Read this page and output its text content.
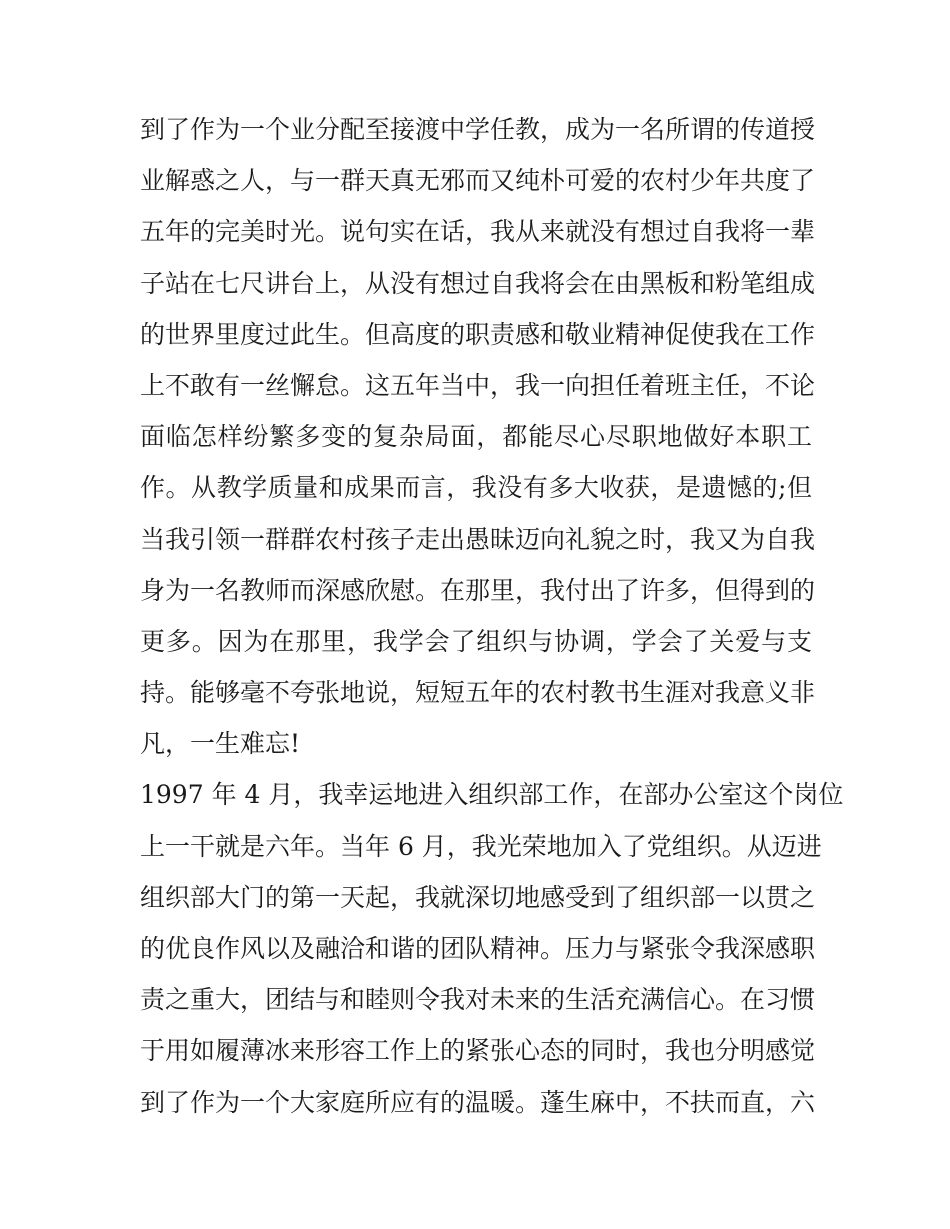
到了作为一个业分配至接渡中学任教，成为一名所谓的传道授
业解惑之人，与一群天真无邪而又纯朴可爱的农村少年共度了
五年的完美时光。说句实在话，我从来就没有想过自我将一辈
子站在七尺讲台上，从没有想过自我将会在由黑板和粉笔组成
的世界里度过此生。但高度的职责感和敬业精神促使我在工作
上不敢有一丝懈怠。这五年当中，我一向担任着班主任，不论
面临怎样纷繁多变的复杂局面，都能尽心尽职地做好本职工
作。从教学质量和成果而言，我没有多大收获，是遗憾的;但
当我引领一群群农村孩子走出愚昧迈向礼貌之时，我又为自我
身为一名教师而深感欣慰。在那里，我付出了许多，但得到的
更多。因为在那里，我学会了组织与协调，学会了关爱与支
持。能够毫不夸张地说，短短五年的农村教书生涯对我意义非
凡，一生难忘!
1997 年 4 月，我幸运地进入组织部工作，在部办公室这个岗位
上一干就是六年。当年 6 月，我光荣地加入了党组织。从迈进
组织部大门的第一天起，我就深切地感受到了组织部一以贯之
的优良作风以及融洽和谐的团队精神。压力与紧张令我深感职
责之重大，团结与和睦则令我对未来的生活充满信心。在习惯
于用如履薄冰来形容工作上的紧张心态的同时，我也分明感觉
到了作为一个大家庭所应有的温暖。蓬生麻中，不扶而直，六
